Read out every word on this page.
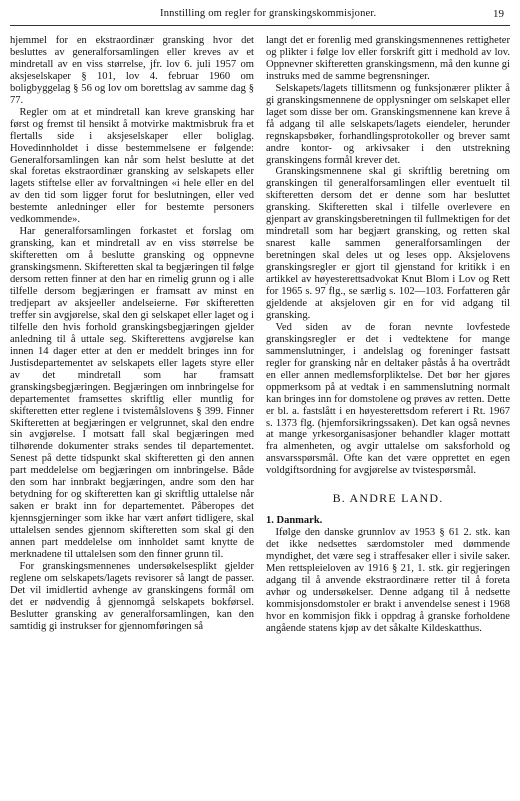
Innstilling om regler for granskingskommisjoner.	19

hjemmel for en ekstraordinær gransking hvor det besluttes av generalforsamlingen eller kreves av et mindretall av en viss størrelse, jfr. lov 6. juli 1957 om aksjeselskaper § 101, lov 4. februar 1960 om boligbyggelag § 56 og lov om borettslag av samme dag § 77.

Regler om at et mindretall kan kreve gransking har først og fremst til hensikt å motvirke maktmisbruk fra et flertalls side i aksjeselskaper eller boliglag. Hovedinnholdet i disse bestemmelsene er følgende: Generalforsamlingen kan når som helst beslutte at det skal foretas ekstraordinær gransking av selskapets eller lagets stiftelse eller av forvaltningen «i hele eller en del av den tid som ligger forut for beslutningen, eller ved bestemte anledninger eller for bestemte personers vedkommende».

Har generalforsamlingen forkastet et forslag om gransking, kan et mindretall av en viss størrelse be skifteretten om å beslutte gransking og oppnevne granskingsmenn. Skifteretten skal ta begjæringen til følge dersom retten finner at den har en rimelig grunn og i alle tilfelle dersom begjæringen er framsatt av minst en tredjepart av aksjeeller andelseierne. Før skifteretten treffer sin avgjørelse, skal den gi selskapet eller laget og i tilfelle den hvis forhold granskingsbegjæringen gjelder anledning til å uttale seg. Skifterettens avgjørelse kan innen 14 dager etter at den er meddelt bringes inn for Justisdepartementet av selskapets eller lagets styre eller av det mindretall som har framsatt granskingsbegjæringen. Begjæringen om innbringelse for departementet framsettes skriftlig eller muntlig for skifteretten etter reglene i tvistemålslovens § 399. Finner Skifteretten at begjæringen er velgrunnet, skal den endre sin avgjørelse. I motsatt fall skal begjæringen med tilhørende dokumenter straks sendes til departementet. Senest på dette tidspunkt skal skifteretten gi den annen part meddelelse om begjæringen om innbringelse. Både den som har innbrakt begjæringen, andre som den har betydning for og skifteretten kan gi skriftlig uttalelse når saken er brakt inn for departementet. Påberopes det kjennsgjerninger som ikke har vært anført tidligere, skal uttalelsen sendes gjennom skifteretten som skal gi den annen part meddelelse om innholdet samt knytte de merknadene til uttalelsen som den finner grunn til.

For granskingsmennenes undersøkelsesplikt gjelder reglene om selskapets/lagets revisorer så langt de passer. Det vil imidlertid avhenge av granskingens formål om det er nødvendig å gjennomgå selskapets bokførsel. Beslutter gransking av generalforsamlingen, kan den samtidig gi instrukser for gjennomføringen så

langt det er forenlig med granskingsmennenes rettigheter og plikter i følge lov eller forskrift gitt i medhold av lov. Oppnevner skifteretten granskingsmenn, må den kunne gi instruks med de samme begrensninger.

Selskapets/lagets tillitsmenn og funksjonærer plikter å gi granskingsmennene de opplysninger om selskapet eller laget som disse ber om. Granskingsmennene kan kreve å få adgang til alle selskapets/lagets eiendeler, herunder regnskapsbøker, forhandlingsprotokoller og brever samt andre kontor- og arkivsaker i den utstrekning granskingens formål krever det.

Granskingsmennene skal gi skriftlig beretning om granskingen til generalforsamlingen eller eventuelt til skifteretten dersom det er denne som har besluttet gransking. Skifteretten skal i tilfelle overlevere en gjenpart av granskingsberetningen til fullmektigen for det mindretall som har begjært gransking, og retten skal snarest kalle sammen generalforsamlingen der beretningen skal deles ut og leses opp. Aksjelovens granskingsregler er gjort til gjenstand for kritikk i en artikkel av høyesterettsadvokat Knut Blom i Lov og Rett for 1965 s. 97 flg., se særlig s. 102—103. Forfatteren går gjeldende at aksjeloven gir en for vid adgang til gransking.

Ved siden av de foran nevnte lovfestede granskingsregler er det i vedtektene for mange sammenslutninger, i andelslag og foreninger fastsatt regler for gransking når en deltaker påstås å ha overtrådt en eller annen medlemsforpliktelse. Det bør her gjøres oppmerksom på at vedtak i en sammenslutning normalt kan bringes inn for domstolene og prøves av retten. Dette er bl. a. fastslått i en høyesterettsdom referert i Rt. 1967 s. 1373 flg. (hjemforsikringssaken). Det kan også nevnes at mange yrkesorganisasjoner behandler klager mottatt fra almenheten, og avgir uttalelse om saksforhold og ansvarsspørsmål. Ofte kan det være opprettet en egen voldgiftsordning for avgjørelse av tvistespørsmål.

B. ANDRE LAND.
1. Danmark.

Ifølge den danske grunnlov av 1953 § 61 2. stk. kan det ikke nedsettes særdomstoler med dømmende myndighet, det være seg i straffesaker eller i sivile saker. Men rettspleieloven av 1916 § 21, 1. stk. gir regjeringen adgang til å anvende ekstraordinære retter til å foreta avhør og undersøkelser. Denne adgang til å nedsette kommisjonsdomstoler er brakt i anvendelse senest i 1968 hvor en kommisjon fikk i oppdrag å granske forholdene angående statens kjøp av det såkalte Kildeskatthus.
